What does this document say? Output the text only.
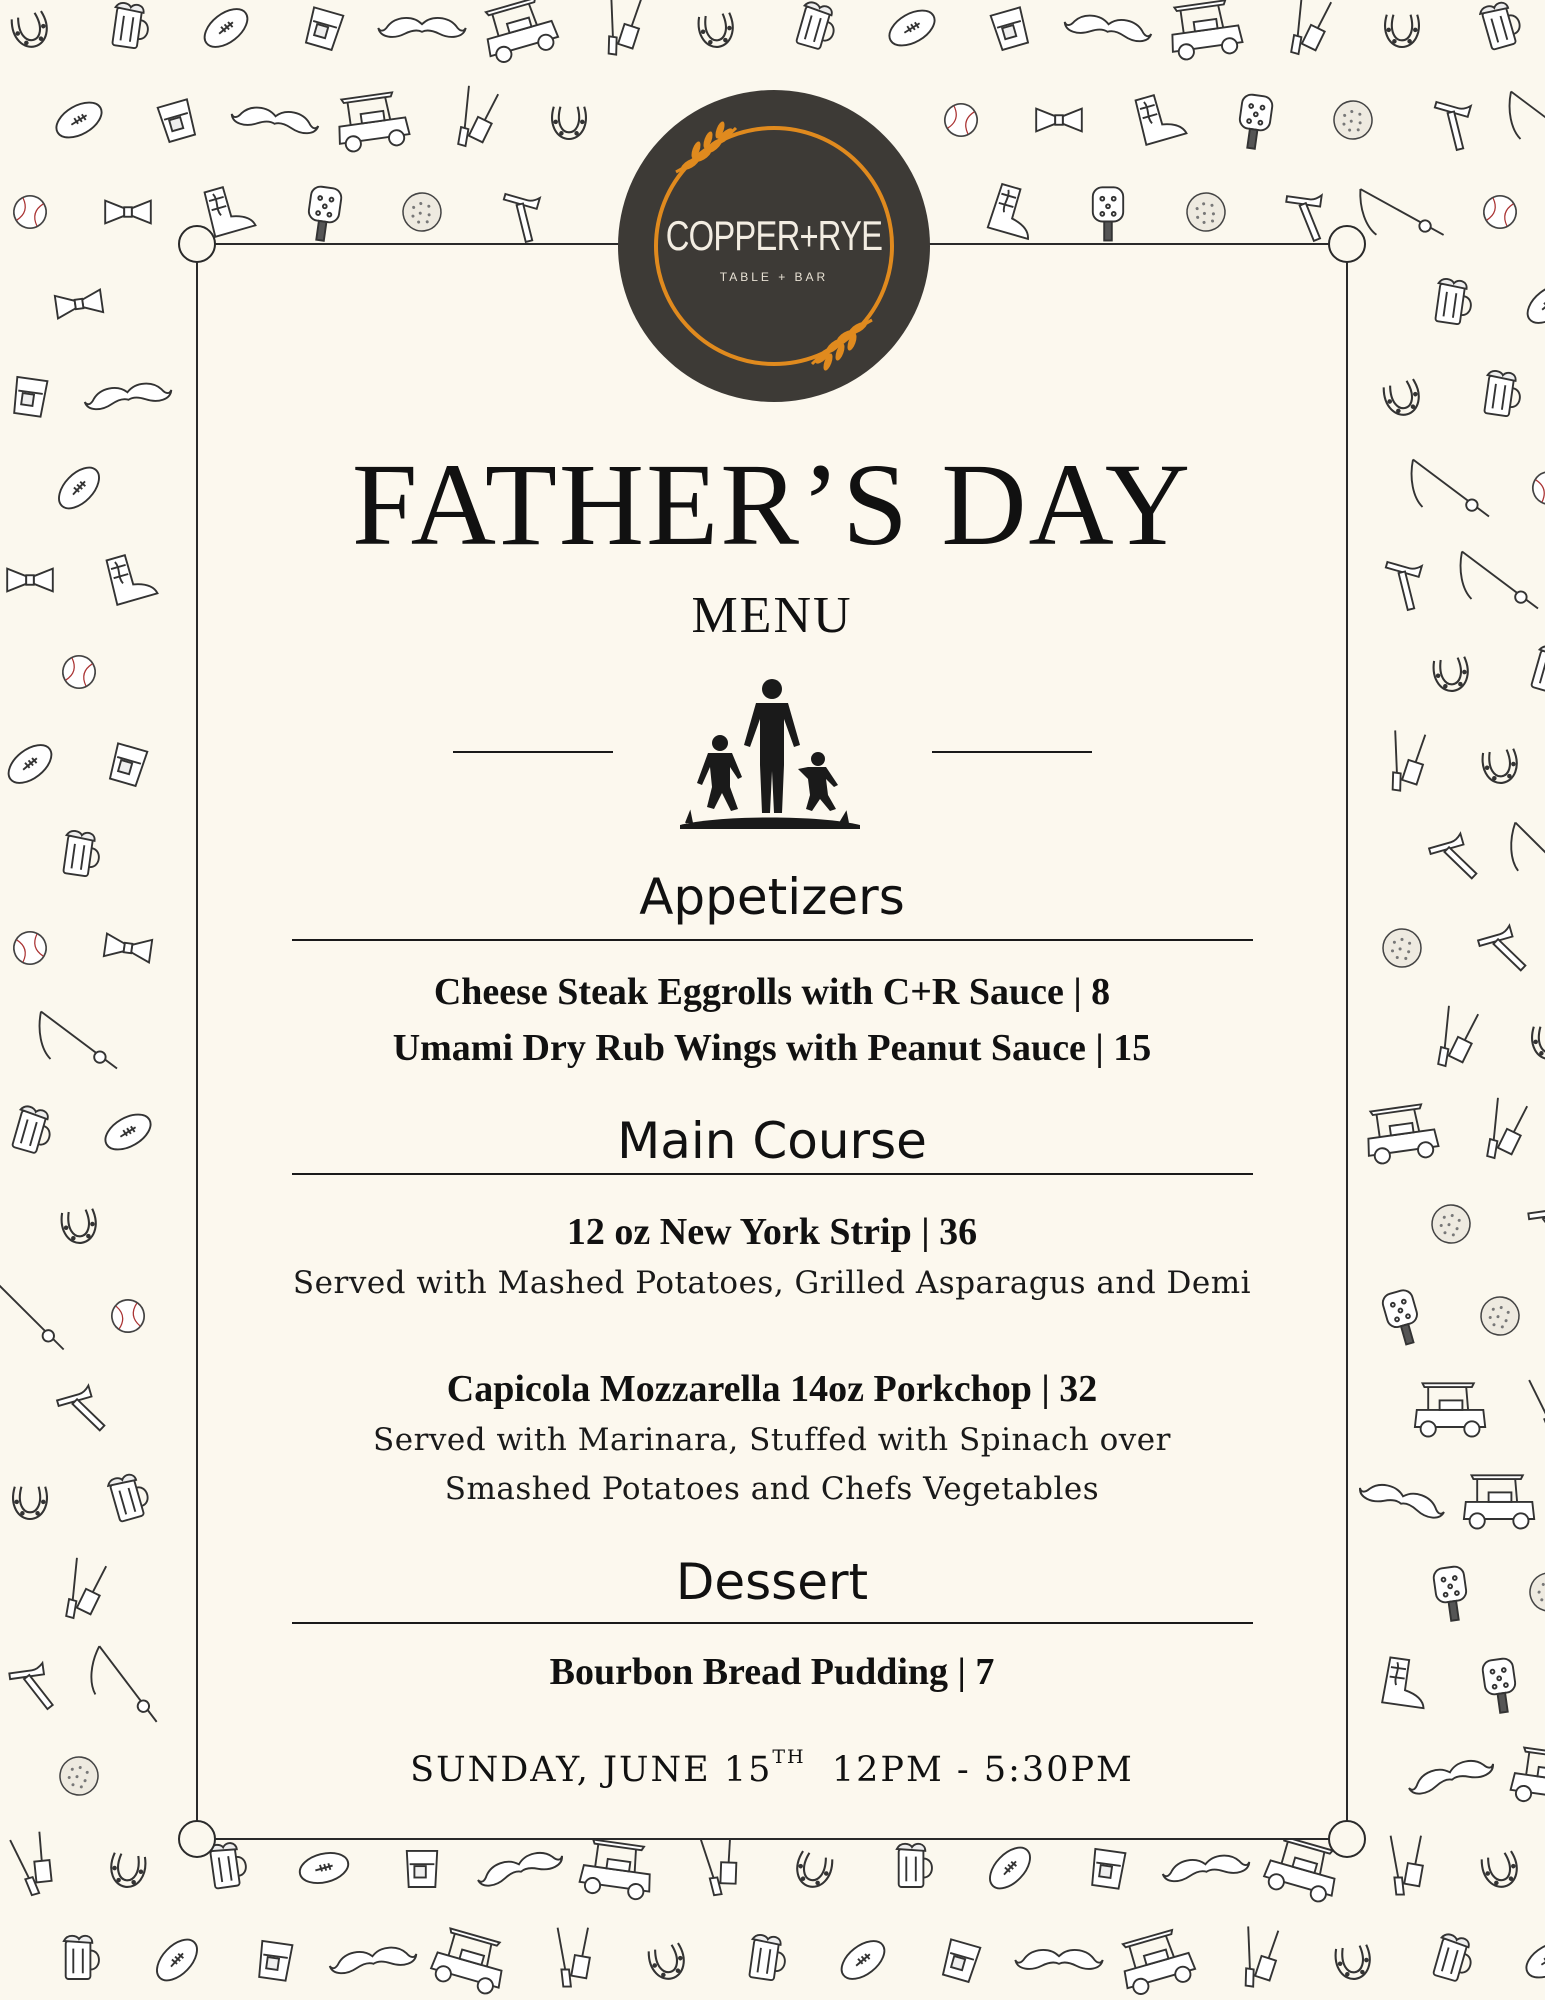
COPPER+RYE
TABLE + BAR
FATHER’S DAY
MENU
Appetizers
Cheese Steak Eggrolls with C+R Sauce | 8
Umami Dry Rub Wings with Peanut Sauce | 15
Main Course
12 oz New York Strip | 36
Served with Mashed Potatoes, Grilled Asparagus and Demi
Capicola Mozzarella 14oz Porkchop | 32
Served with Marinara, Stuffed with Spinach over
Smashed Potatoes and Chefs Vegetables
Dessert
Bourbon Bread Pudding | 7
SUNDAY, JUNE 15TH 12PM - 5:30PM
